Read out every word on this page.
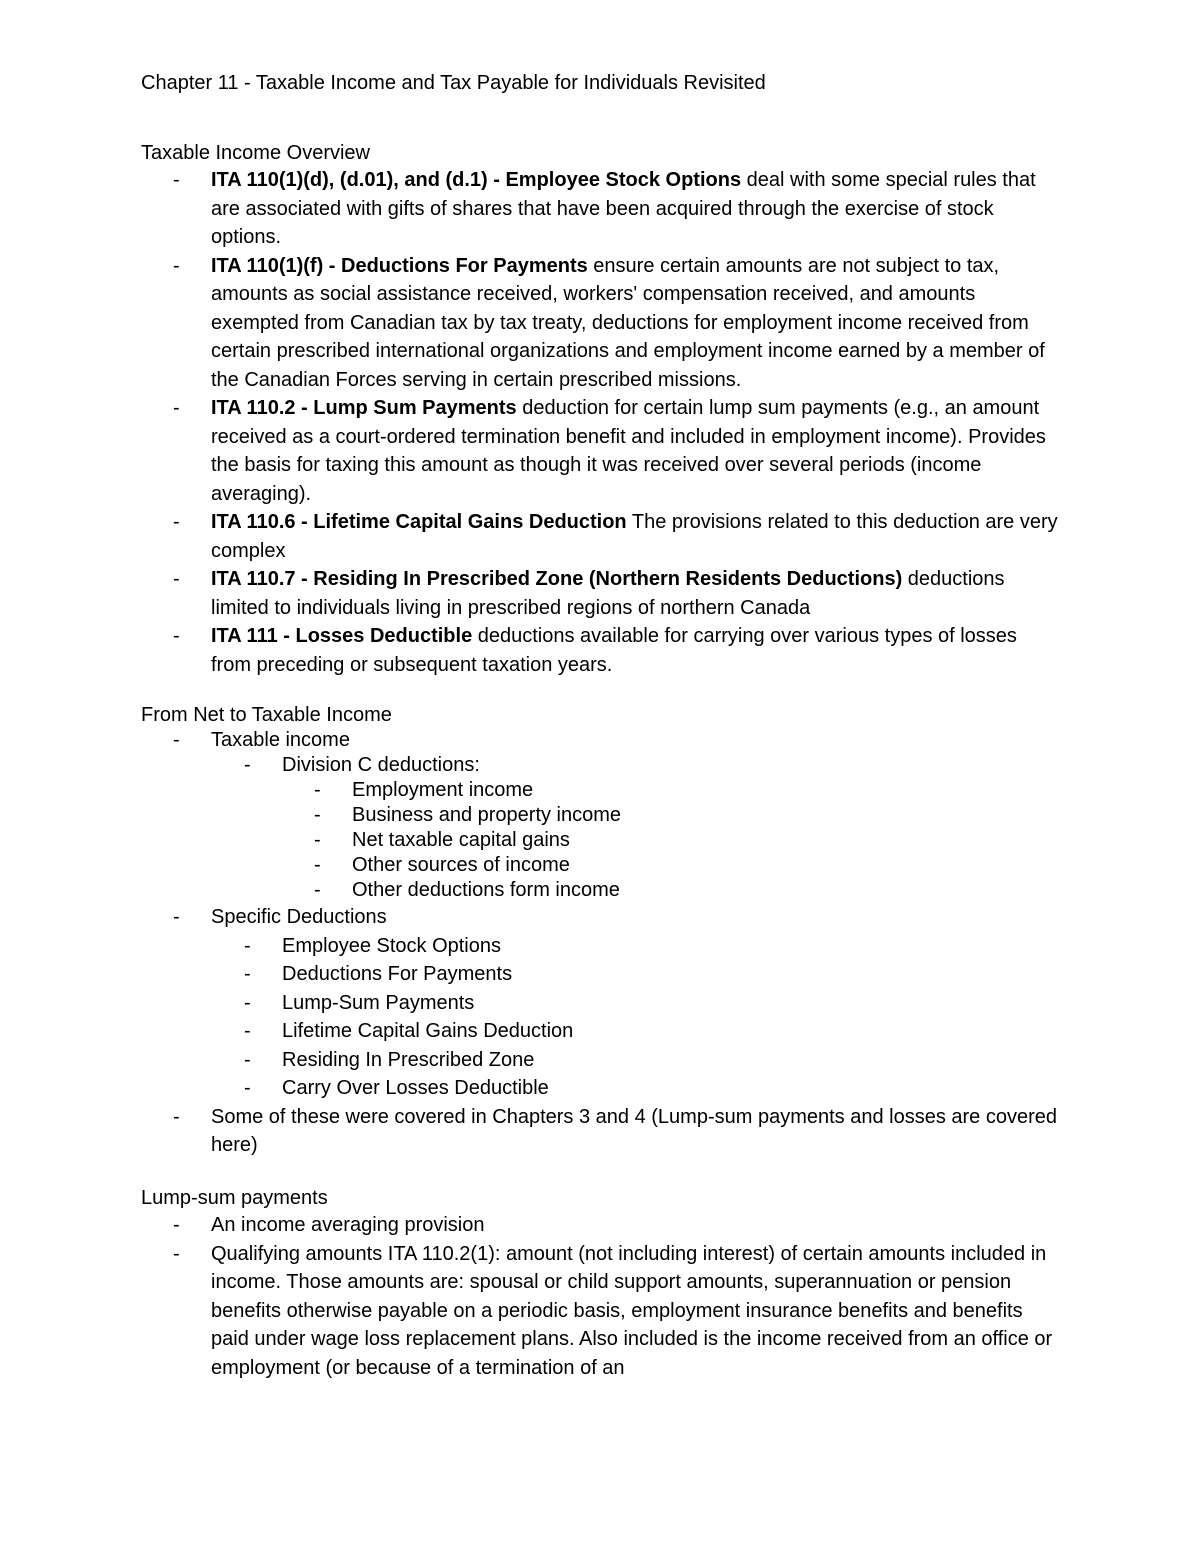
Chapter 11 - Taxable Income and Tax Payable for Individuals Revisited
Taxable Income Overview
- ITA 110(1)(d), (d.01), and (d.1) - Employee Stock Options deal with some special rules that are associated with gifts of shares that have been acquired through the exercise of stock options.
- ITA 110(1)(f) - Deductions For Payments ensure certain amounts are not subject to tax, amounts as social assistance received, workers' compensation received, and amounts exempted from Canadian tax by tax treaty, deductions for employment income received from certain prescribed international organizations and employment income earned by a member of the Canadian Forces serving in certain prescribed missions.
- ITA 110.2 - Lump Sum Payments deduction for certain lump sum payments (e.g., an amount received as a court-ordered termination benefit and included in employment income). Provides the basis for taxing this amount as though it was received over several periods (income averaging).
- ITA 110.6 - Lifetime Capital Gains Deduction The provisions related to this deduction are very complex
- ITA 110.7 - Residing In Prescribed Zone (Northern Residents Deductions) deductions limited to individuals living in prescribed regions of northern Canada
- ITA 111 - Losses Deductible deductions available for carrying over various types of losses from preceding or subsequent taxation years.
From Net to Taxable Income
- Taxable income
- Division C deductions:
- Employment income
- Business and property income
- Net taxable capital gains
- Other sources of income
- Other deductions form income
- Specific Deductions
- Employee Stock Options
- Deductions For Payments
- Lump-Sum Payments
- Lifetime Capital Gains Deduction
- Residing In Prescribed Zone
- Carry Over Losses Deductible
- Some of these were covered in Chapters 3 and 4 (Lump-sum payments and losses are covered here)
Lump-sum payments
- An income averaging provision
- Qualifying amounts ITA 110.2(1): amount (not including interest) of certain amounts included in income. Those amounts are: spousal or child support amounts, superannuation or pension benefits otherwise payable on a periodic basis, employment insurance benefits and benefits paid under wage loss replacement plans. Also included is the income received from an office or employment (or because of a termination of an
